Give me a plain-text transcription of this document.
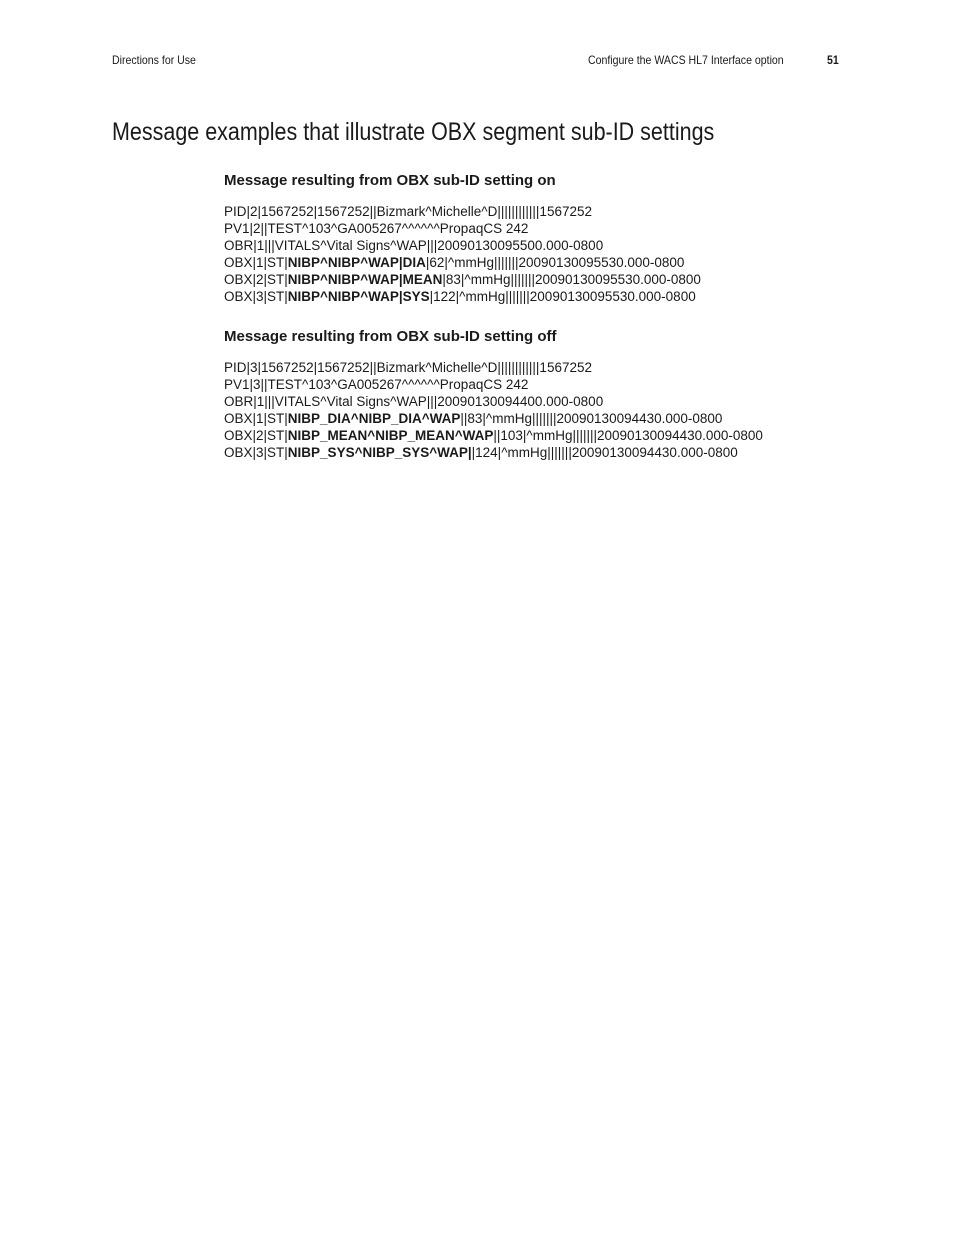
Directions for Use	Configure the WACS HL7 Interface option	51
Message examples that illustrate OBX segment sub-ID settings
Message resulting from OBX sub-ID setting on
PID|2|1567252|1567252||Bizmark^Michelle^D||||||||||||1567252
PV1|2||TEST^103^GA005267^^^^^^PropaqCS 242
OBR|1|||VITALS^Vital Signs^WAP|||20090130095500.000-0800
OBX|1|ST|NIBP^NIBP^WAP|DIA|62|^mmHg|||||||20090130095530.000-0800
OBX|2|ST|NIBP^NIBP^WAP|MEAN|83|^mmHg|||||||20090130095530.000-0800
OBX|3|ST|NIBP^NIBP^WAP|SYS|122|^mmHg|||||||20090130095530.000-0800
Message resulting from OBX sub-ID setting off
PID|3|1567252|1567252||Bizmark^Michelle^D||||||||||||1567252
PV1|3||TEST^103^GA005267^^^^^^PropaqCS 242
OBR|1|||VITALS^Vital Signs^WAP|||20090130094400.000-0800
OBX|1|ST|NIBP_DIA^NIBP_DIA^WAP||83|^mmHg|||||||20090130094430.000-0800
OBX|2|ST|NIBP_MEAN^NIBP_MEAN^WAP||103|^mmHg|||||||20090130094430.000-0800
OBX|3|ST|NIBP_SYS^NIBP_SYS^WAP||124|^mmHg|||||||20090130094430.000-0800
